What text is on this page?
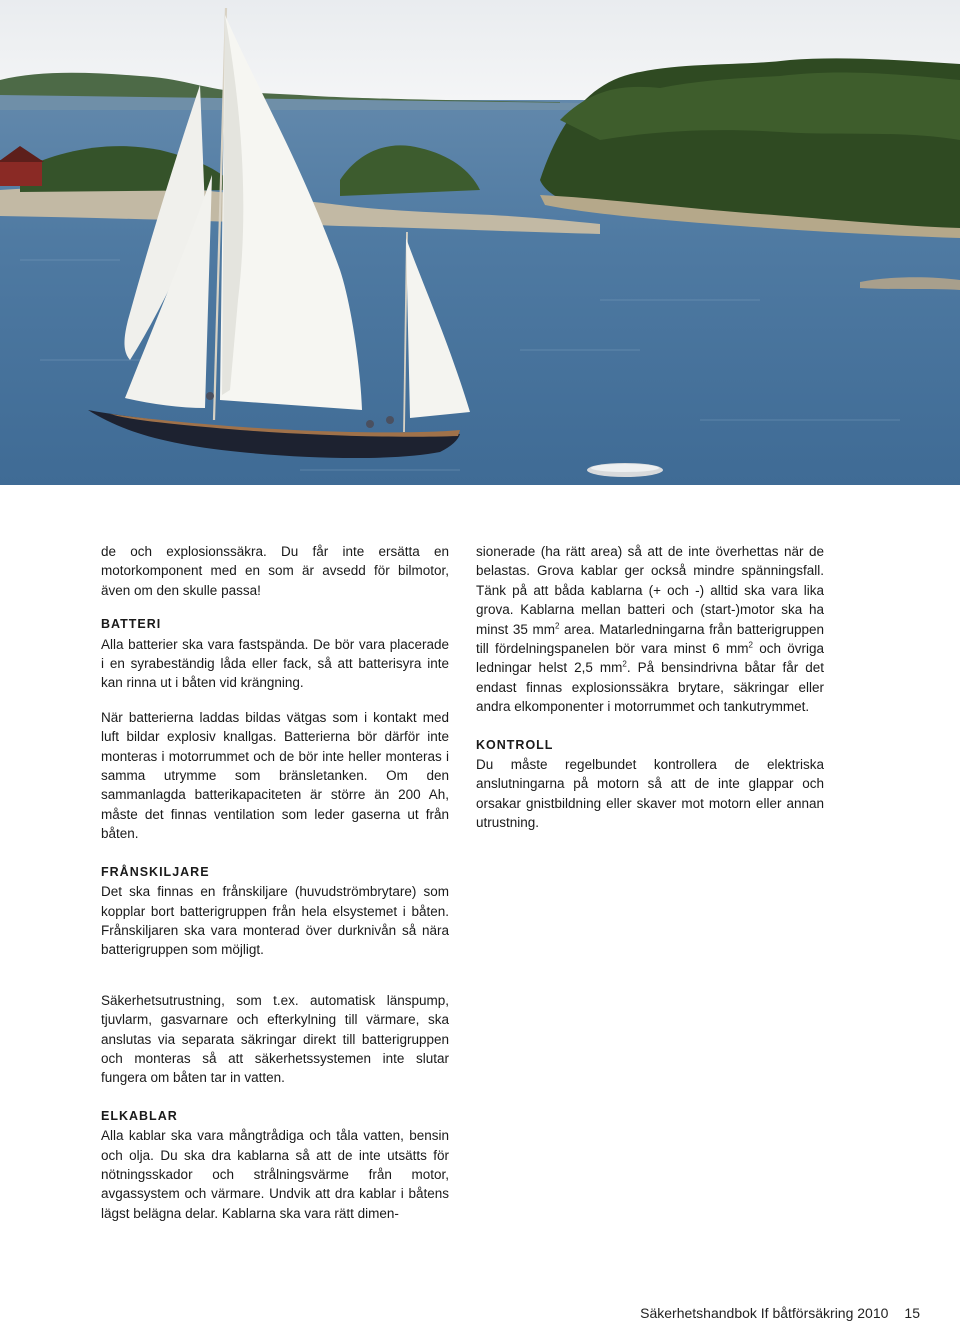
de och explosionssäkra. Du får inte ersätta en motorkomponent med en som är avsedd för bilmotor, även om den skulle passa!

BATTERI

Alla batterier ska vara fastspända. De bör vara placerade i en syrabeständig låda eller fack, så att batterisyra inte kan rinna ut i båten vid krängning.

När batterierna laddas bildas vätgas som i kontakt med luft bildar explosiv knallgas. Batterierna bör därför inte monteras i motorrummet och de bör inte heller monteras i samma utrymme som bränsletanken. Om den sammanlagda batterikapaciteten är större än 200 Ah, måste det finnas ventilation som leder gaserna ut från båten.

FRÅNSKILJARE

Det ska finnas en frånskiljare (huvudströmbrytare) som kopplar bort batterigruppen från hela elsystemet i båten. Frånskiljaren ska vara monterad över durknivån så nära batterigruppen som möjligt.

Säkerhetsutrustning, som t.ex. automatisk länspump, tjuvlarm, gasvarnare och efterkylning till värmare, ska anslutas via separata säkringar direkt till batterigruppen och monteras så att säkerhetssystemen inte slutar fungera om båten tar in vatten.

ELKABLAR

Alla kablar ska vara mångtrådiga och tåla vatten, bensin och olja. Du ska dra kablarna så att de inte utsätts för nötningsskador och strålningsvärme från motor, avgassystem och värmare. Undvik att dra kablar i båtens lägst belägna delar. Kablarna ska vara rätt dimen-

sionerade (ha rätt area) så att de inte överhettas när de belastas. Grova kablar ger också mindre spänningsfall. Tänk på att båda kablarna (+ och -) alltid ska vara lika grova. Kablarna mellan batteri och (start-)motor ska ha minst 35 $mm^2$ area. Matarledningarna från batterigruppen till fördelningspanelen bör vara minst 6 $mm^2$ och övriga ledningar helst 2,5 $mm^2$. På bensindrivna båtar får det endast finnas explosionssäkra brytare, säkringar eller andra elkomponenter i motorrummet och tankutrymmet.

KONTROLL

Du måste regelbundet kontrollera de elektriska anslutningarna på motorn så att de inte glappar och orsakar gnistbildning eller skaver mot motorn eller annan utrustning.

Säkerhetshandbok If båtförsäkring 2010 15
